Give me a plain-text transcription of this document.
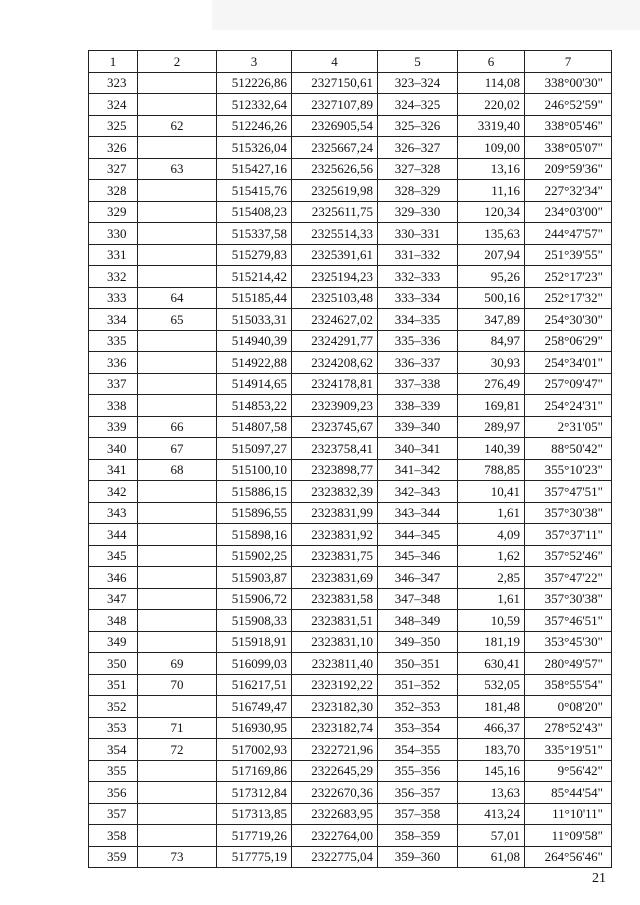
1	2	3	4	5	6	7
323		512226,86	2327150,61	323–324	114,08	338°00'30"
324		512332,64	2327107,89	324–325	220,02	246°52'59"
325	62	512246,26	2326905,54	325–326	3319,40	338°05'46"
326		515326,04	2325667,24	326–327	109,00	338°05'07"
327	63	515427,16	2325626,56	327–328	13,16	209°59'36"
328		515415,76	2325619,98	328–329	11,16	227°32'34"
329		515408,23	2325611,75	329–330	120,34	234°03'00"
330		515337,58	2325514,33	330–331	135,63	244°47'57"
331		515279,83	2325391,61	331–332	207,94	251°39'55"
332		515214,42	2325194,23	332–333	95,26	252°17'23"
333	64	515185,44	2325103,48	333–334	500,16	252°17'32"
334	65	515033,31	2324627,02	334–335	347,89	254°30'30"
335		514940,39	2324291,77	335–336	84,97	258°06'29"
336		514922,88	2324208,62	336–337	30,93	254°34'01"
337		514914,65	2324178,81	337–338	276,49	257°09'47"
338		514853,22	2323909,23	338–339	169,81	254°24'31"
339	66	514807,58	2323745,67	339–340	289,97	2°31'05"
340	67	515097,27	2323758,41	340–341	140,39	88°50'42"
341	68	515100,10	2323898,77	341–342	788,85	355°10'23"
342		515886,15	2323832,39	342–343	10,41	357°47'51"
343		515896,55	2323831,99	343–344	1,61	357°30'38"
344		515898,16	2323831,92	344–345	4,09	357°37'11"
345		515902,25	2323831,75	345–346	1,62	357°52'46"
346		515903,87	2323831,69	346–347	2,85	357°47'22"
347		515906,72	2323831,58	347–348	1,61	357°30'38"
348		515908,33	2323831,51	348–349	10,59	357°46'51"
349		515918,91	2323831,10	349–350	181,19	353°45'30"
350	69	516099,03	2323811,40	350–351	630,41	280°49'57"
351	70	516217,51	2323192,22	351–352	532,05	358°55'54"
352		516749,47	2323182,30	352–353	181,48	0°08'20"
353	71	516930,95	2323182,74	353–354	466,37	278°52'43"
354	72	517002,93	2322721,96	354–355	183,70	335°19'51"
355		517169,86	2322645,29	355–356	145,16	9°56'42"
356		517312,84	2322670,36	356–357	13,63	85°44'54"
357		517313,85	2322683,95	357–358	413,24	11°10'11"
358		517719,26	2322764,00	358–359	57,01	11°09'58"
359	73	517775,19	2322775,04	359–360	61,08	264°56'46"
21
